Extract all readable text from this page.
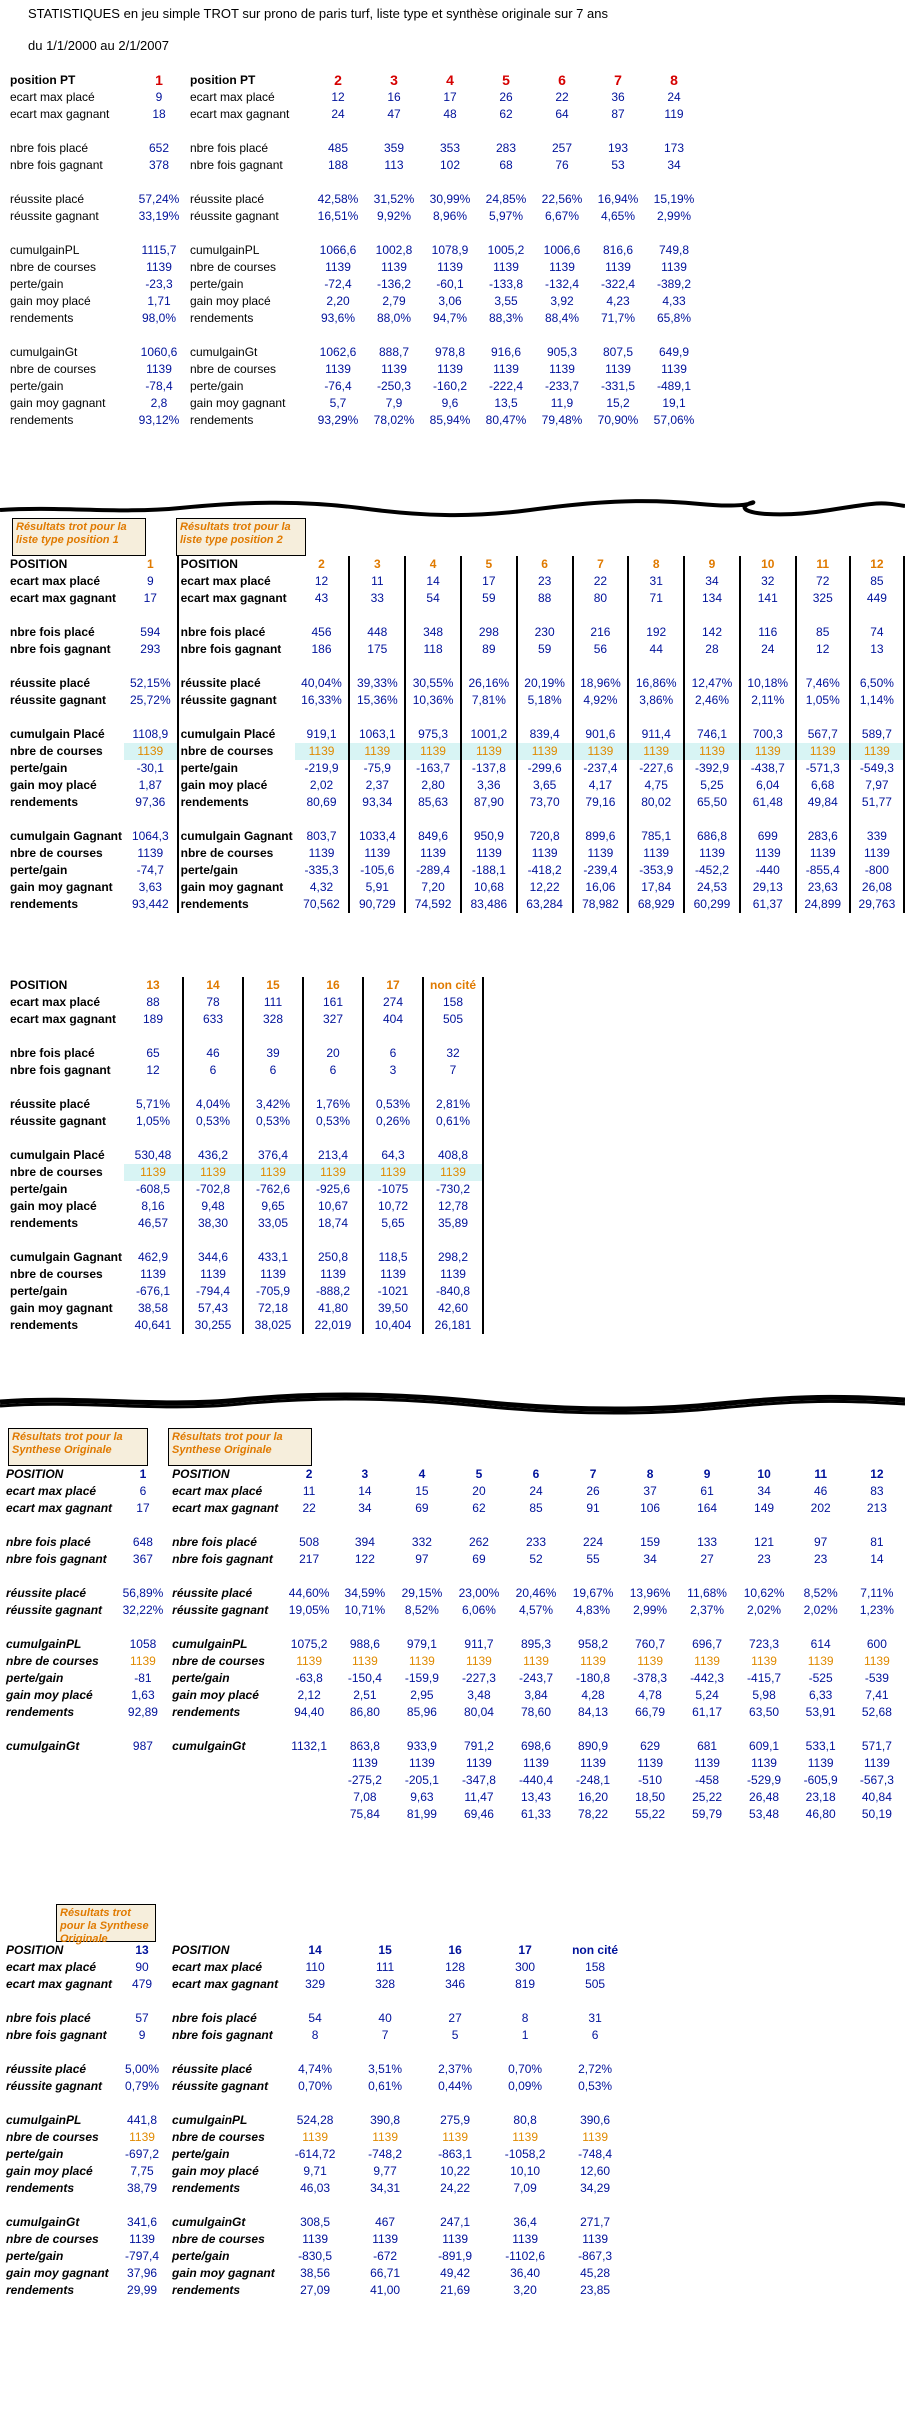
STATISTIQUES en jeu simple TROT sur prono de paris turf, liste type et synthèse originale sur 7 ans
du 1/1/2000 au 2/1/2007
position PT	1	position PT	2	3	4	5	6	7	8
ecart max placé	9	ecart max placé	12	16	17	26	22	36	24
ecart max gagnant	18	ecart max gagnant	24	47	48	62	64	87	119

nbre fois placé	652	nbre fois placé	485	359	353	283	257	193	173
nbre fois gagnant	378	nbre fois gagnant	188	113	102	68	76	53	34

réussite placé	57,24%	réussite placé	42,58%	31,52%	30,99%	24,85%	22,56%	16,94%	15,19%
réussite gagnant	33,19%	réussite gagnant	16,51%	9,92%	8,96%	5,97%	6,67%	4,65%	2,99%

cumulgainPL	1115,7	cumulgainPL	1066,6	1002,8	1078,9	1005,2	1006,6	816,6	749,8
nbre de courses	1139	nbre de courses	1139	1139	1139	1139	1139	1139	1139
perte/gain	-23,3	perte/gain	-72,4	-136,2	-60,1	-133,8	-132,4	-322,4	-389,2
gain moy placé	1,71	gain moy placé	2,20	2,79	3,06	3,55	3,92	4,23	4,33
rendements	98,0%	rendements	93,6%	88,0%	94,7%	88,3%	88,4%	71,7%	65,8%

cumulgainGt	1060,6	cumulgainGt	1062,6	888,7	978,8	916,6	905,3	807,5	649,9
nbre de courses	1139	nbre de courses	1139	1139	1139	1139	1139	1139	1139
perte/gain	-78,4	perte/gain	-76,4	-250,3	-160,2	-222,4	-233,7	-331,5	-489,1
gain moy gagnant	2,8	gain moy gagnant	5,7	7,9	9,6	13,5	11,9	15,2	19,1
rendements	93,12%	rendements	93,29%	78,02%	85,94%	80,47%	79,48%	70,90%	57,06%
Résultats trot pour la liste type position 1
Résultats trot pour la liste type position 2
POSITION	1	POSITION	2	3	4	5	6	7	8	9	10	11	12
ecart max placé	9	ecart max placé	12	11	14	17	23	22	31	34	32	72	85
ecart max gagnant	17	ecart max gagnant	43	33	54	59	88	80	71	134	141	325	449

nbre fois placé	594	nbre fois placé	456	448	348	298	230	216	192	142	116	85	74
nbre fois gagnant	293	nbre fois gagnant	186	175	118	89	59	56	44	28	24	12	13

réussite placé	52,15%	réussite placé	40,04%	39,33%	30,55%	26,16%	20,19%	18,96%	16,86%	12,47%	10,18%	7,46%	6,50%
réussite gagnant	25,72%	réussite gagnant	16,33%	15,36%	10,36%	7,81%	5,18%	4,92%	3,86%	2,46%	2,11%	1,05%	1,14%

cumulgain Placé	1108,9	cumulgain Placé	919,1	1063,1	975,3	1001,2	839,4	901,6	911,4	746,1	700,3	567,7	589,7
nbre de courses	1139	nbre de courses	1139	1139	1139	1139	1139	1139	1139	1139	1139	1139	1139
perte/gain	-30,1	perte/gain	-219,9	-75,9	-163,7	-137,8	-299,6	-237,4	-227,6	-392,9	-438,7	-571,3	-549,3
gain moy placé	1,87	gain moy placé	2,02	2,37	2,80	3,36	3,65	4,17	4,75	5,25	6,04	6,68	7,97
rendements	97,36	rendements	80,69	93,34	85,63	87,90	73,70	79,16	80,02	65,50	61,48	49,84	51,77

cumulgain Gagnant	1064,3	cumulgain Gagnant	803,7	1033,4	849,6	950,9	720,8	899,6	785,1	686,8	699	283,6	339
nbre de courses	1139	nbre de courses	1139	1139	1139	1139	1139	1139	1139	1139	1139	1139	1139
perte/gain	-74,7	perte/gain	-335,3	-105,6	-289,4	-188,1	-418,2	-239,4	-353,9	-452,2	-440	-855,4	-800
gain moy gagnant	3,63	gain moy gagnant	4,32	5,91	7,20	10,68	12,22	16,06	17,84	24,53	29,13	23,63	26,08
rendements	93,442	rendements	70,562	90,729	74,592	83,486	63,284	78,982	68,929	60,299	61,37	24,899	29,763
POSITION	13	14	15	16	17	non cité
ecart max placé	88	78	111	161	274	158
ecart max gagnant	189	633	328	327	404	505

nbre fois placé	65	46	39	20	6	32
nbre fois gagnant	12	6	6	6	3	7

réussite placé	5,71%	4,04%	3,42%	1,76%	0,53%	2,81%
réussite gagnant	1,05%	0,53%	0,53%	0,53%	0,26%	0,61%

cumulgain Placé	530,48	436,2	376,4	213,4	64,3	408,8
nbre de courses	1139	1139	1139	1139	1139	1139
perte/gain	-608,5	-702,8	-762,6	-925,6	-1075	-730,2
gain moy placé	8,16	9,48	9,65	10,67	10,72	12,78
rendements	46,57	38,30	33,05	18,74	5,65	35,89

cumulgain Gagnant	462,9	344,6	433,1	250,8	118,5	298,2
nbre de courses	1139	1139	1139	1139	1139	1139
perte/gain	-676,1	-794,4	-705,9	-888,2	-1021	-840,8
gain moy gagnant	38,58	57,43	72,18	41,80	39,50	42,60
rendements	40,641	30,255	38,025	22,019	10,404	26,181
Résultats trot pour la Synthese Originale
Résultats trot pour la Synthese Originale
POSITION	1	POSITION	2	3	4	5	6	7	8	9	10	11	12
ecart max placé	6	ecart max placé	11	14	15	20	24	26	37	61	34	46	83
ecart max gagnant	17	ecart max gagnant	22	34	69	62	85	91	106	164	149	202	213

nbre fois placé	648	nbre fois placé	508	394	332	262	233	224	159	133	121	97	81
nbre fois gagnant	367	nbre fois gagnant	217	122	97	69	52	55	34	27	23	23	14

réussite placé	56,89%	réussite placé	44,60%	34,59%	29,15%	23,00%	20,46%	19,67%	13,96%	11,68%	10,62%	8,52%	7,11%
réussite gagnant	32,22%	réussite gagnant	19,05%	10,71%	8,52%	6,06%	4,57%	4,83%	2,99%	2,37%	2,02%	2,02%	1,23%

cumulgainPL	1058	cumulgainPL	1075,2	988,6	979,1	911,7	895,3	958,2	760,7	696,7	723,3	614	600
nbre de courses	1139	nbre de courses	1139	1139	1139	1139	1139	1139	1139	1139	1139	1139	1139
perte/gain	-81	perte/gain	-63,8	-150,4	-159,9	-227,3	-243,7	-180,8	-378,3	-442,3	-415,7	-525	-539
gain moy placé	1,63	gain moy placé	2,12	2,51	2,95	3,48	3,84	4,28	4,78	5,24	5,98	6,33	7,41
rendements	92,89	rendements	94,40	86,80	85,96	80,04	78,60	84,13	66,79	61,17	63,50	53,91	52,68

cumulgainGt	987	cumulgainGt	1132,1	863,8	933,9	791,2	698,6	890,9	629	681	609,1	533,1	571,7
				1139	1139	1139	1139	1139	1139	1139	1139	1139	1139
				-275,2	-205,1	-347,8	-440,4	-248,1	-510	-458	-529,9	-605,9	-567,3
				7,08	9,63	11,47	13,43	16,20	18,50	25,22	26,48	23,18	40,84
				75,84	81,99	69,46	61,33	78,22	55,22	59,79	53,48	46,80	50,19
Résultats trot pour la Synthese Originale
POSITION	13	POSITION	14	15	16	17	non cité
ecart max placé	90	ecart max placé	110	111	128	300	158
ecart max gagnant	479	ecart max gagnant	329	328	346	819	505

nbre fois placé	57	nbre fois placé	54	40	27	8	31
nbre fois gagnant	9	nbre fois gagnant	8	7	5	1	6

réussite placé	5,00%	réussite placé	4,74%	3,51%	2,37%	0,70%	2,72%
réussite gagnant	0,79%	réussite gagnant	0,70%	0,61%	0,44%	0,09%	0,53%

cumulgainPL	441,8	cumulgainPL	524,28	390,8	275,9	80,8	390,6
nbre de courses	1139	nbre de courses	1139	1139	1139	1139	1139
perte/gain	-697,2	perte/gain	-614,72	-748,2	-863,1	-1058,2	-748,4
gain moy placé	7,75	gain moy placé	9,71	9,77	10,22	10,10	12,60
rendements	38,79	rendements	46,03	34,31	24,22	7,09	34,29

cumulgainGt	341,6	cumulgainGt	308,5	467	247,1	36,4	271,7
nbre de courses	1139	nbre de courses	1139	1139	1139	1139	1139
perte/gain	-797,4	perte/gain	-830,5	-672	-891,9	-1102,6	-867,3
gain moy gagnant	37,96	gain moy gagnant	38,56	66,71	49,42	36,40	45,28
rendements	29,99	rendements	27,09	41,00	21,69	3,20	23,85
